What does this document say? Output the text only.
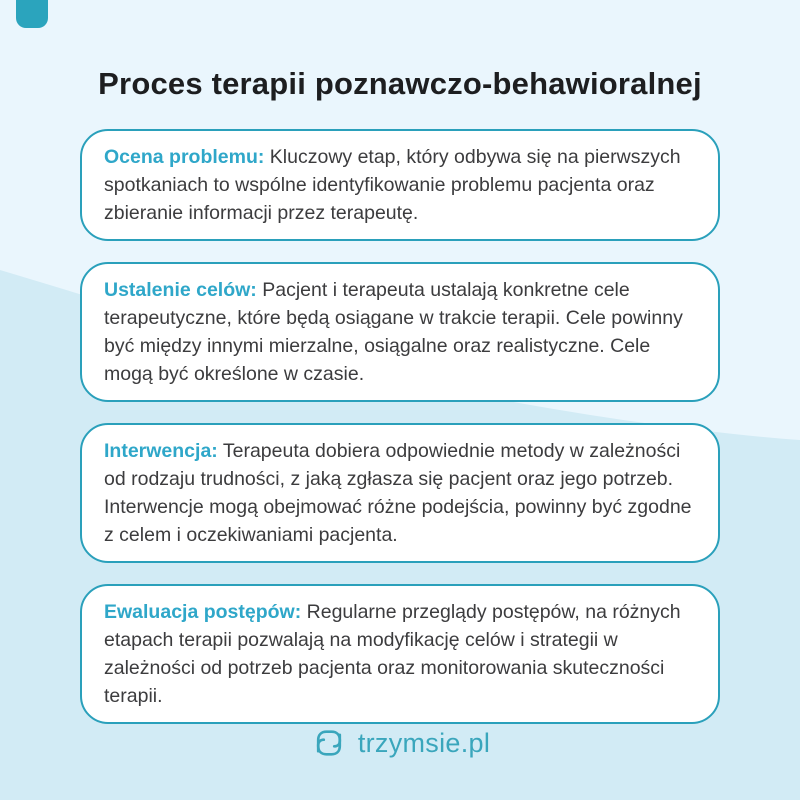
Proces terapii poznawczo-behawioralnej
Ocena problemu: Kluczowy etap, który odbywa się na pierwszych spotkaniach to wspólne identyfikowanie problemu pacjenta oraz zbieranie informacji przez terapeutę.
Ustalenie celów: Pacjent i terapeuta ustalają konkretne cele terapeutyczne, które będą osiągane w trakcie terapii. Cele powinny być między innymi mierzalne, osiągalne oraz realistyczne. Cele mogą być określone w czasie.
Interwencja: Terapeuta dobiera odpowiednie metody w zależności od rodzaju trudności, z jaką zgłasza się pacjent oraz jego potrzeb. Interwencje mogą obejmować różne podejścia, powinny być zgodne z celem i oczekiwaniami pacjenta.
Ewaluacja postępów: Regularne przeglądy postępów, na różnych etapach terapii pozwalają na modyfikację celów i strategii w zależności od potrzeb pacjenta oraz monitorowania skuteczności terapii.
trzymsie.pl
